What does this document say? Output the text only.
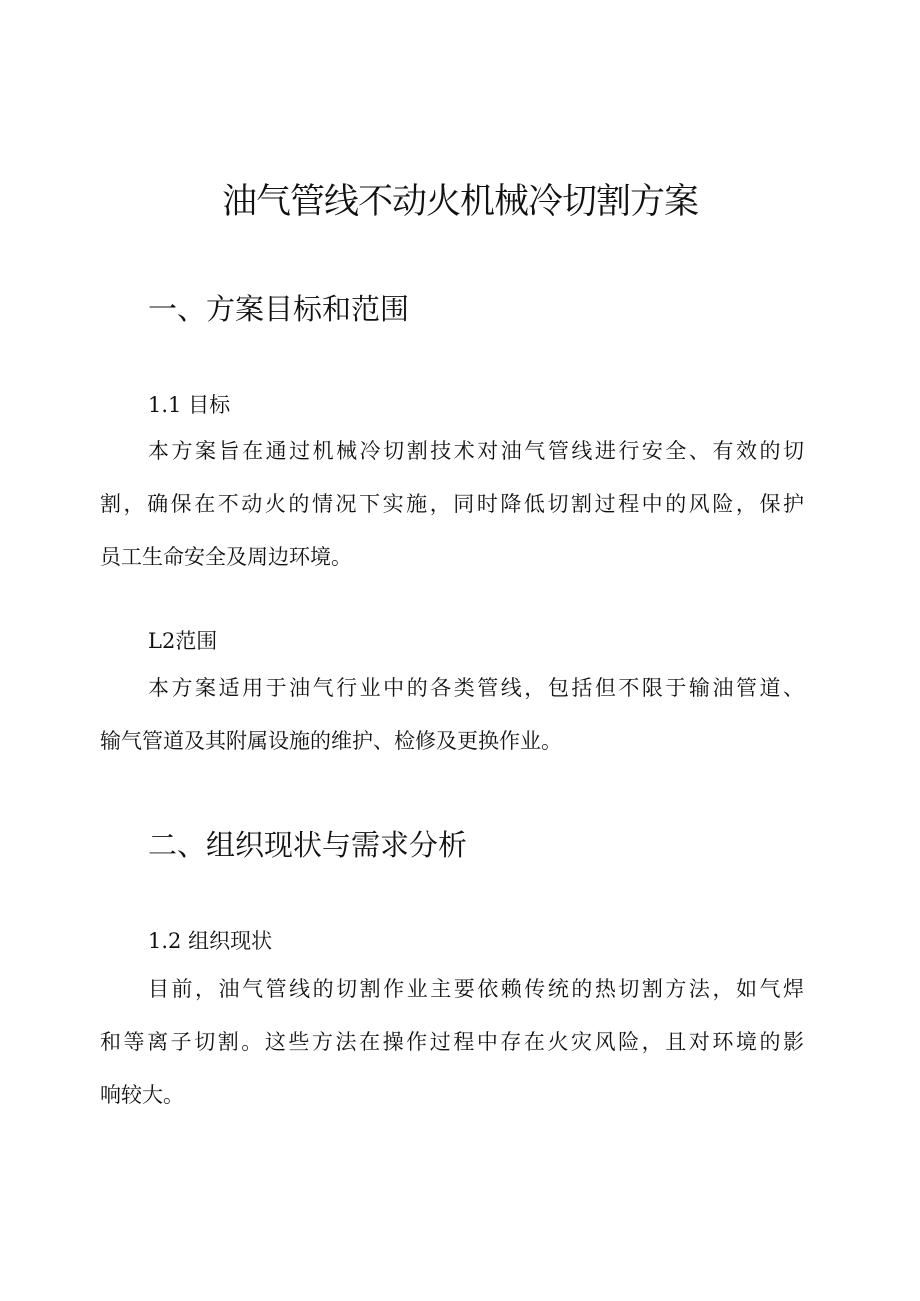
油气管线不动火机械冷切割方案
一、方案目标和范围
1.1 目标
本方案旨在通过机械冷切割技术对油气管线进行安全、有效的切
割，确保在不动火的情况下实施，同时降低切割过程中的风险，保护
员工生命安全及周边环境。
L2范围
本方案适用于油气行业中的各类管线，包括但不限于输油管道、
输气管道及其附属设施的维护、检修及更换作业。
二、组织现状与需求分析
1.2 组织现状
目前，油气管线的切割作业主要依赖传统的热切割方法，如气焊
和等离子切割。这些方法在操作过程中存在火灾风险，且对环境的影
响较大。
